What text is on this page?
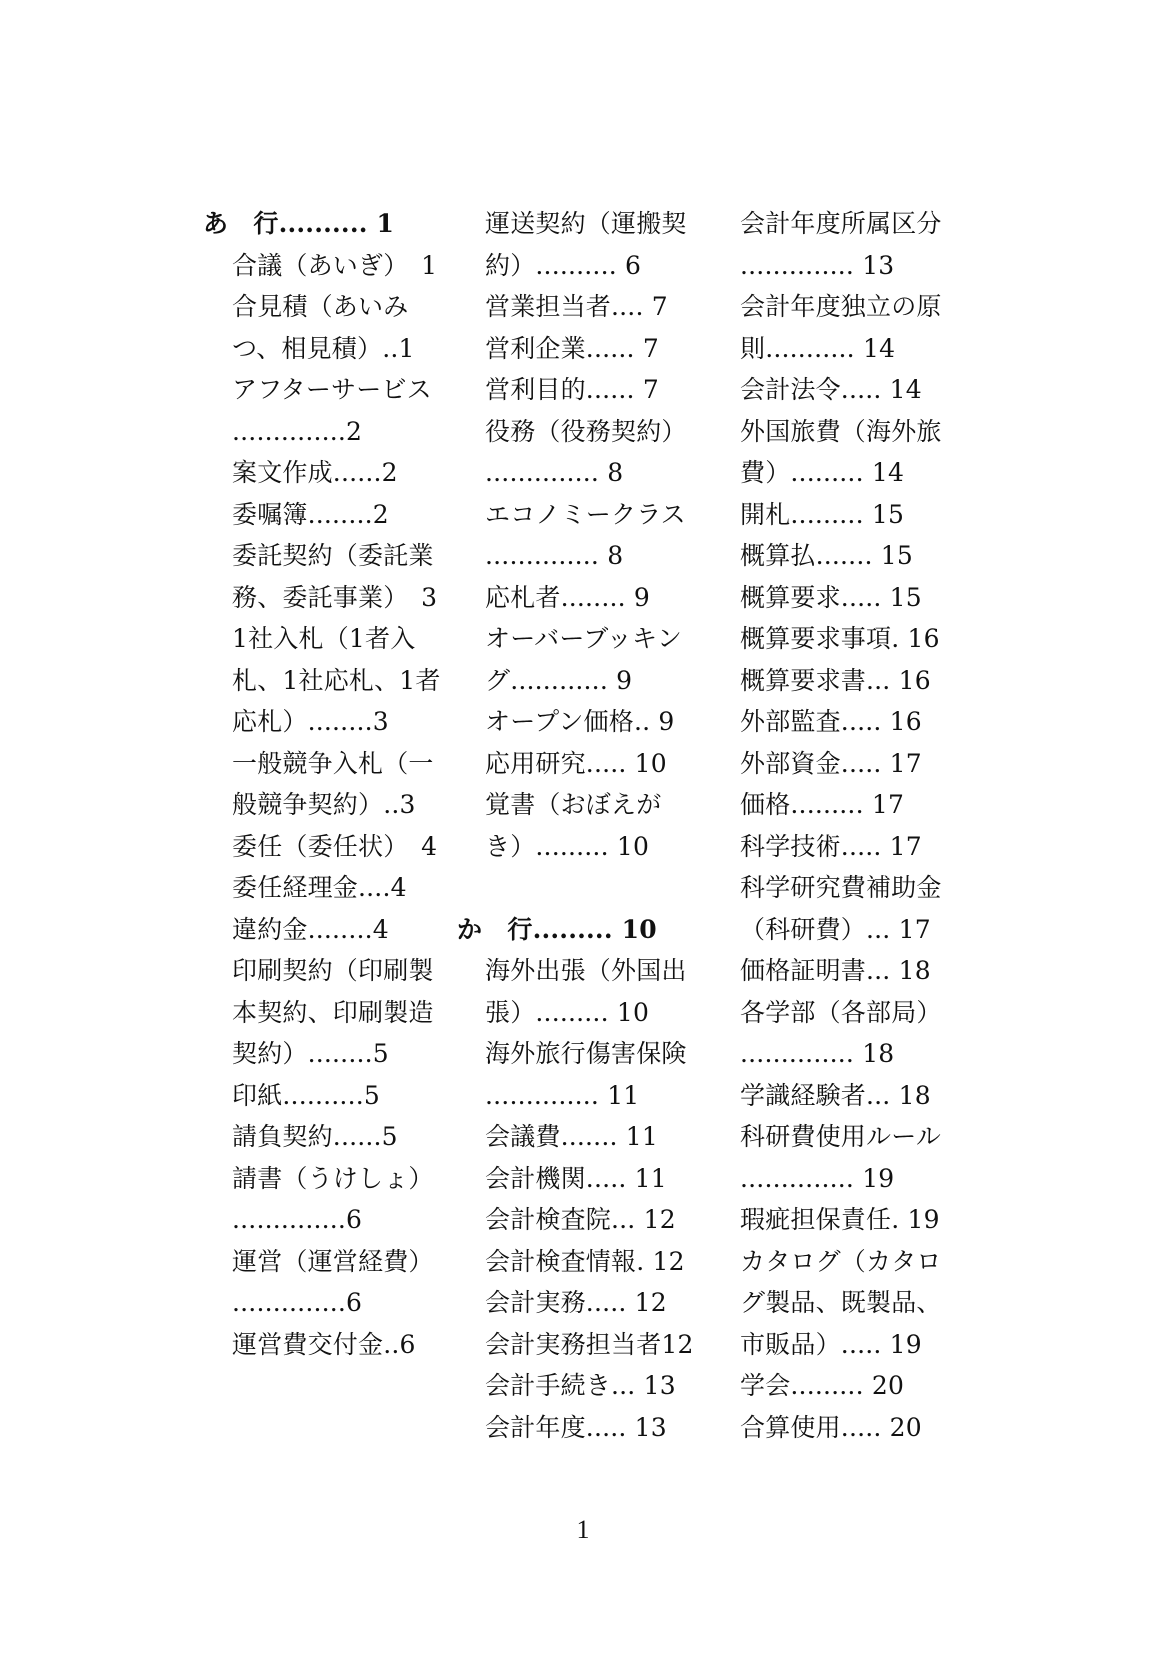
あ　行.......... 1
合議（あいぎ）　1
合見積（あいみ
つ、相見積）..1
アフターサービス
..............2
案文作成......2
委嘱簿........2
委託契約（委託業
務、委託事業）　3
1社入札（1者入
札、1社応札、1者
応札）........3
一般競争入札（一
般競争契約）..3
委任（委任状）　4
委任経理金....4
違約金........4
印刷契約（印刷製
本契約、印刷製造
契約）........5
印紙..........5
請負契約......5
請書（うけしょ）
..............6
運営（運営経費）
..............6
運営費交付金..6
運送契約（運搬契
約）.......... 6
営業担当者.... 7
営利企業...... 7
営利目的...... 7
役務（役務契約）
.............. 8
エコノミークラス
.............. 8
応札者........ 9
オーバーブッキン
グ............ 9
オープン価格.. 9
応用研究..... 10
覚書（おぼえが
き）......... 10
か　行......... 10
海外出張（外国出
張）......... 10
海外旅行傷害保険
.............. 11
会議費....... 11
会計機関..... 11
会計検査院... 12
会計検査情報. 12
会計実務..... 12
会計実務担当者12
会計手続き... 13
会計年度..... 13
会計年度所属区分
.............. 13
会計年度独立の原
則........... 14
会計法令..... 14
外国旅費（海外旅
費）......... 14
開札......... 15
概算払....... 15
概算要求..... 15
概算要求事項. 16
概算要求書... 16
外部監査..... 16
外部資金..... 17
価格......... 17
科学技術..... 17
科学研究費補助金
（科研費）... 17
価格証明書... 18
各学部（各部局）
.............. 18
学識経験者... 18
科研費使用ルール
.............. 19
瑕疵担保責任. 19
カタログ（カタロ
グ製品、既製品、
市販品）..... 19
学会......... 20
合算使用..... 20
1
